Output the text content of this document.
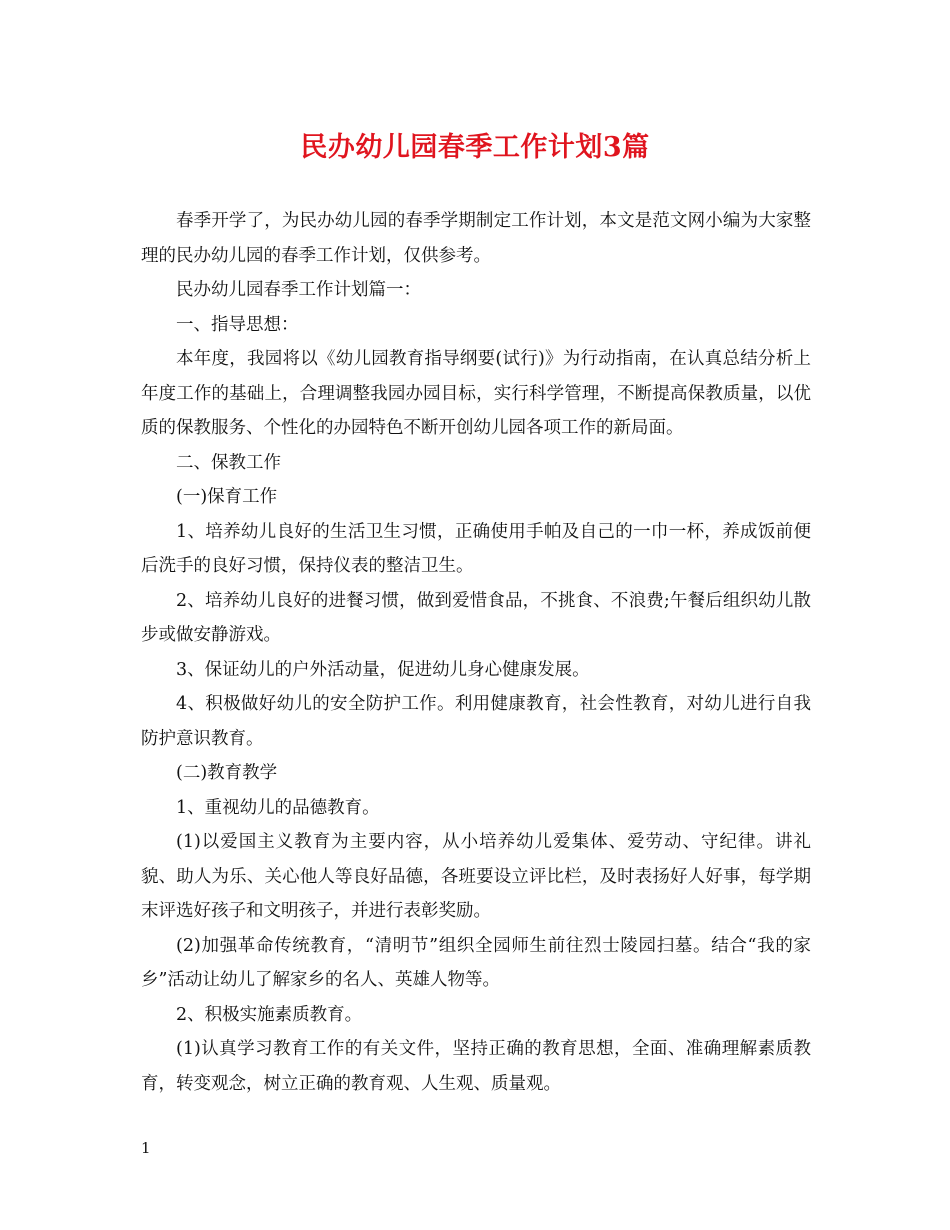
民办幼儿园春季工作计划3篇

春季开学了，为民办幼儿园的春季学期制定工作计划，本文是范文网小编为大家整理的民办幼儿园的春季工作计划，仅供参考。

民办幼儿园春季工作计划篇一：

一、指导思想：

本年度，我园将以《幼儿园教育指导纲要(试行)》为行动指南，在认真总结分析上年度工作的基础上，合理调整我园办园目标，实行科学管理，不断提高保教质量，以优质的保教服务、个性化的办园特色不断开创幼儿园各项工作的新局面。

二、保教工作

(一)保育工作

1、培养幼儿良好的生活卫生习惯，正确使用手帕及自己的一巾一杯，养成饭前便后洗手的良好习惯，保持仪表的整洁卫生。

2、培养幼儿良好的进餐习惯，做到爱惜食品，不挑食、不浪费;午餐后组织幼儿散步或做安静游戏。

3、保证幼儿的户外活动量，促进幼儿身心健康发展。

4、积极做好幼儿的安全防护工作。利用健康教育，社会性教育，对幼儿进行自我防护意识教育。

(二)教育教学

1、重视幼儿的品德教育。

(1)以爱国主义教育为主要内容，从小培养幼儿爱集体、爱劳动、守纪律。讲礼貌、助人为乐、关心他人等良好品德，各班要设立评比栏，及时表扬好人好事，每学期末评选好孩子和文明孩子，并进行表彰奖励。

(2)加强革命传统教育，“清明节”组织全园师生前往烈士陵园扫墓。结合“我的家乡”活动让幼儿了解家乡的名人、英雄人物等。

2、积极实施素质教育。

(1)认真学习教育工作的有关文件，坚持正确的教育思想，全面、准确理解素质教育，转变观念，树立正确的教育观、人生观、质量观。

1
